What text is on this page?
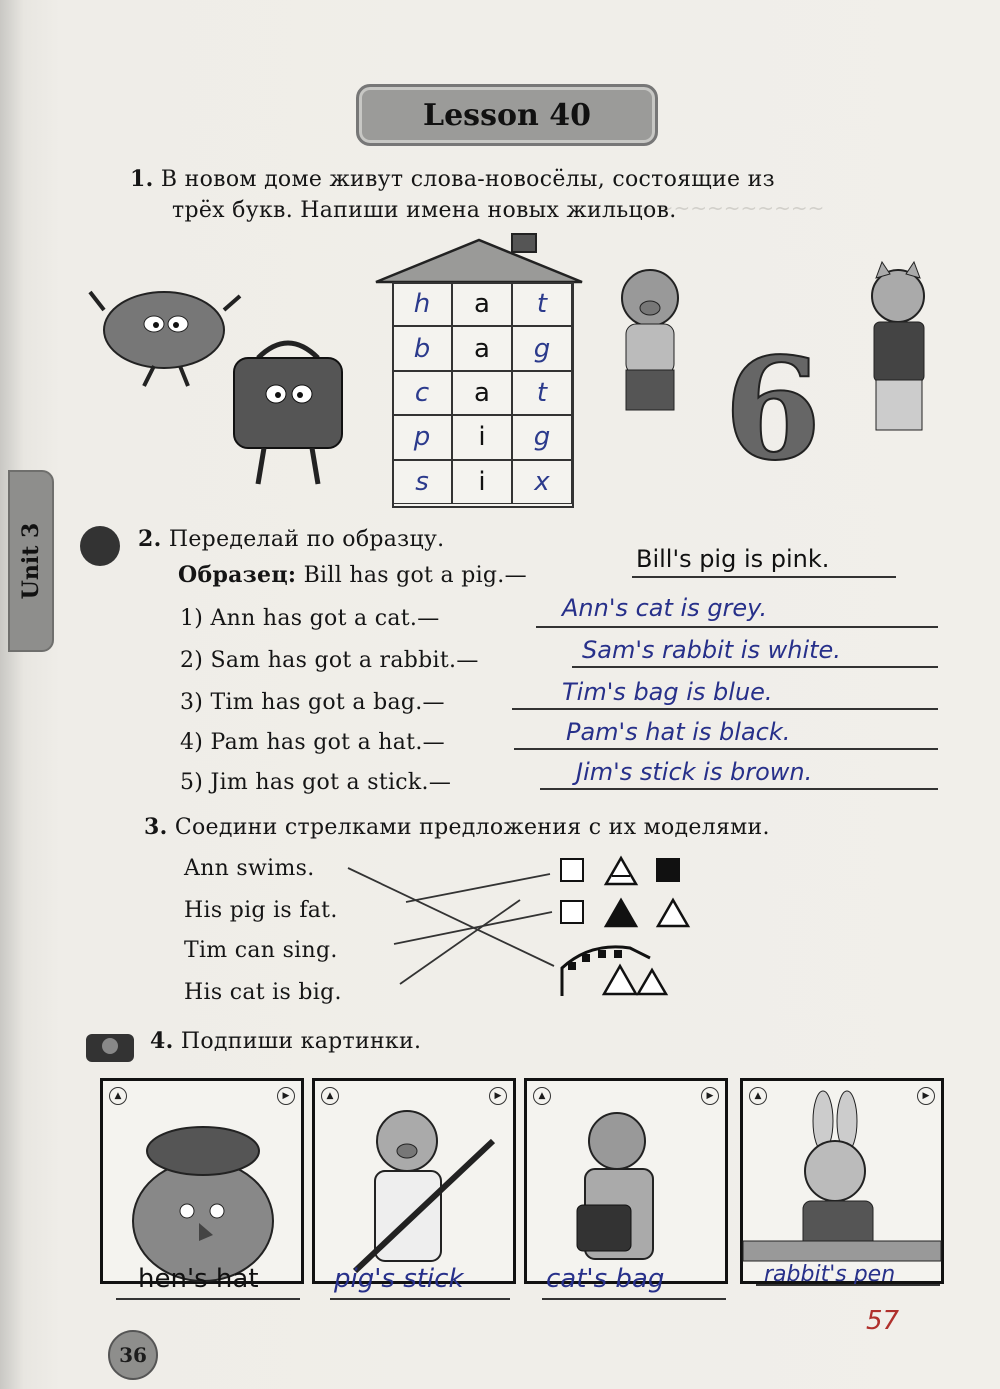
~~~~~~~~~~~
Lesson 40
Unit 3
1. В новом доме живут слова-новосёлы, состоящие из
трёх букв. Напиши имена новых жильцов.
h	a	t
b	a	g
c	a	t
p	i	g
s	i	x 6
2. Переделай по образцу.
Образец: Bill has got a pig.—
Bill's pig is pink.
1) Ann has got a cat.—	Ann's cat is grey.
2) Sam has got a rabbit.—	Sam's rabbit is white.
3) Tim has got a bag.—	Tim's bag is blue.
4) Pam has got a hat.—	Pam's hat is black.
5) Jim has got a stick.—	Jim's stick is brown.
3. Соедини стрелками предложения с их моделями.
Ann swims.
His pig is fat.
Tim can sing.
His cat is big.
4. Подпиши картинки.
▲	▶	▲	▶	▲	▶	▲	▶
hen's hat	pig's stick	cat's bag	rabbit's pen
57
36
